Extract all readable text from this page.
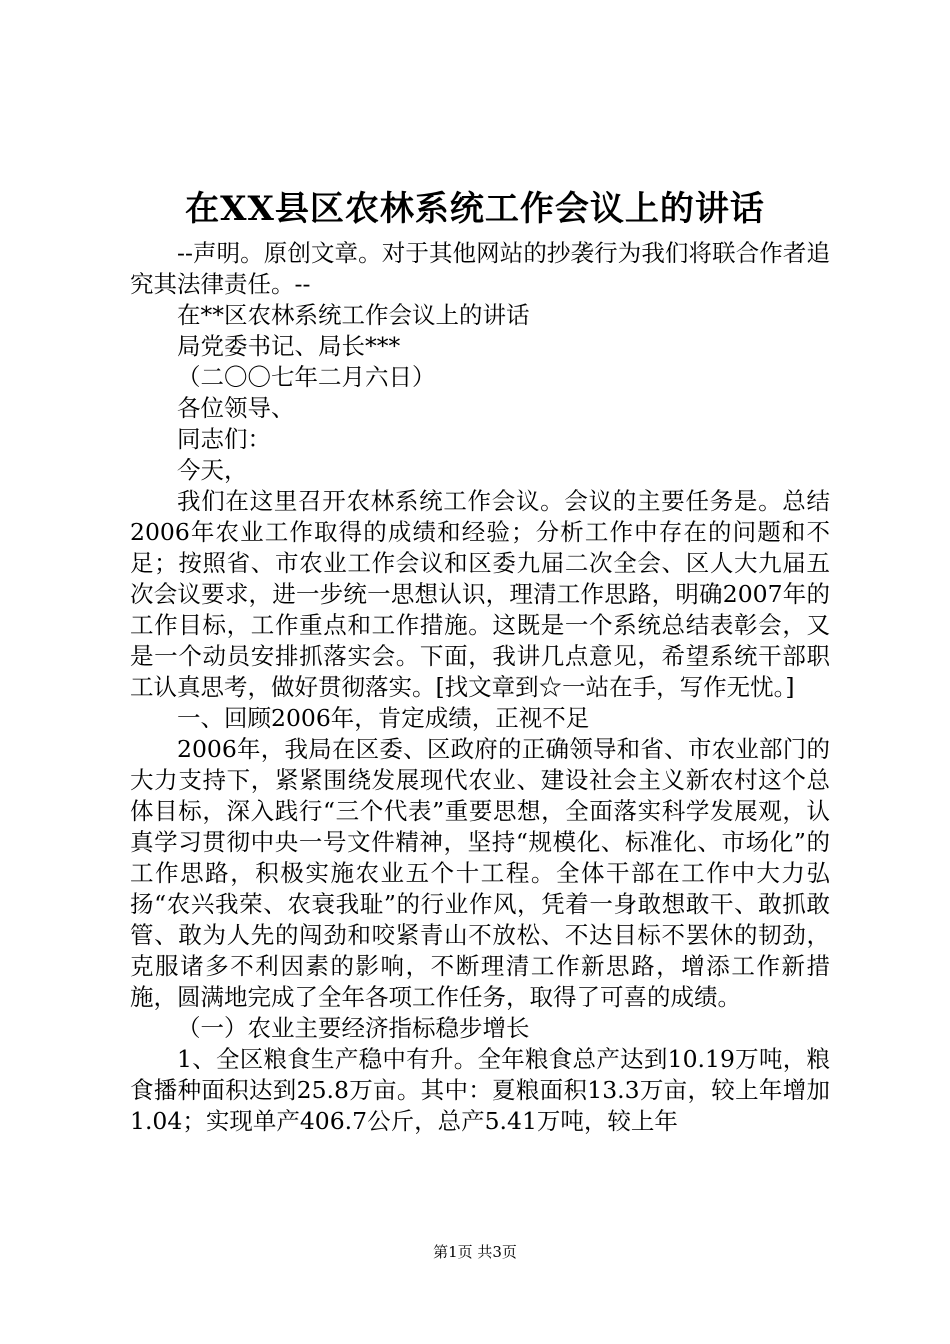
在XX县区农林系统工作会议上的讲话

--声明。原创文章。对于其他网站的抄袭行为我们将联合作者追究其法律责任。--

在**区农林系统工作会议上的讲话

局党委书记、局长***

（二〇〇七年二月六日）

各位领导、

同志们：

今天，

我们在这里召开农林系统工作会议。会议的主要任务是。总结2006年农业工作取得的成绩和经验；分析工作中存在的问题和不足；按照省、市农业工作会议和区委九届二次全会、区人大九届五次会议要求，进一步统一思想认识，理清工作思路，明确2007年的工作目标，工作重点和工作措施。这既是一个系统总结表彰会，又是一个动员安排抓落实会。下面，我讲几点意见，希望系统干部职工认真思考，做好贯彻落实。[找文章到☆一站在手，写作无忧。]

一、回顾2006年，肯定成绩，正视不足

2006年，我局在区委、区政府的正确领导和省、市农业部门的大力支持下，紧紧围绕发展现代农业、建设社会主义新农村这个总体目标，深入践行“三个代表”重要思想，全面落实科学发展观，认真学习贯彻中央一号文件精神，坚持“规模化、标准化、市场化”的工作思路，积极实施农业五个十工程。全体干部在工作中大力弘扬“农兴我荣、农衰我耻”的行业作风，凭着一身敢想敢干、敢抓敢管、敢为人先的闯劲和咬紧青山不放松、不达目标不罢休的韧劲，克服诸多不利因素的影响，不断理清工作新思路，增添工作新措施，圆满地完成了全年各项工作任务，取得了可喜的成绩。

（一）农业主要经济指标稳步增长

1、全区粮食生产稳中有升。全年粮食总产达到10.19万吨，粮食播种面积达到25.8万亩。其中：夏粮面积13.3万亩，较上年增加1.04；实现单产406.7公斤，总产5.41万吨，较上年

第1页 共3页
